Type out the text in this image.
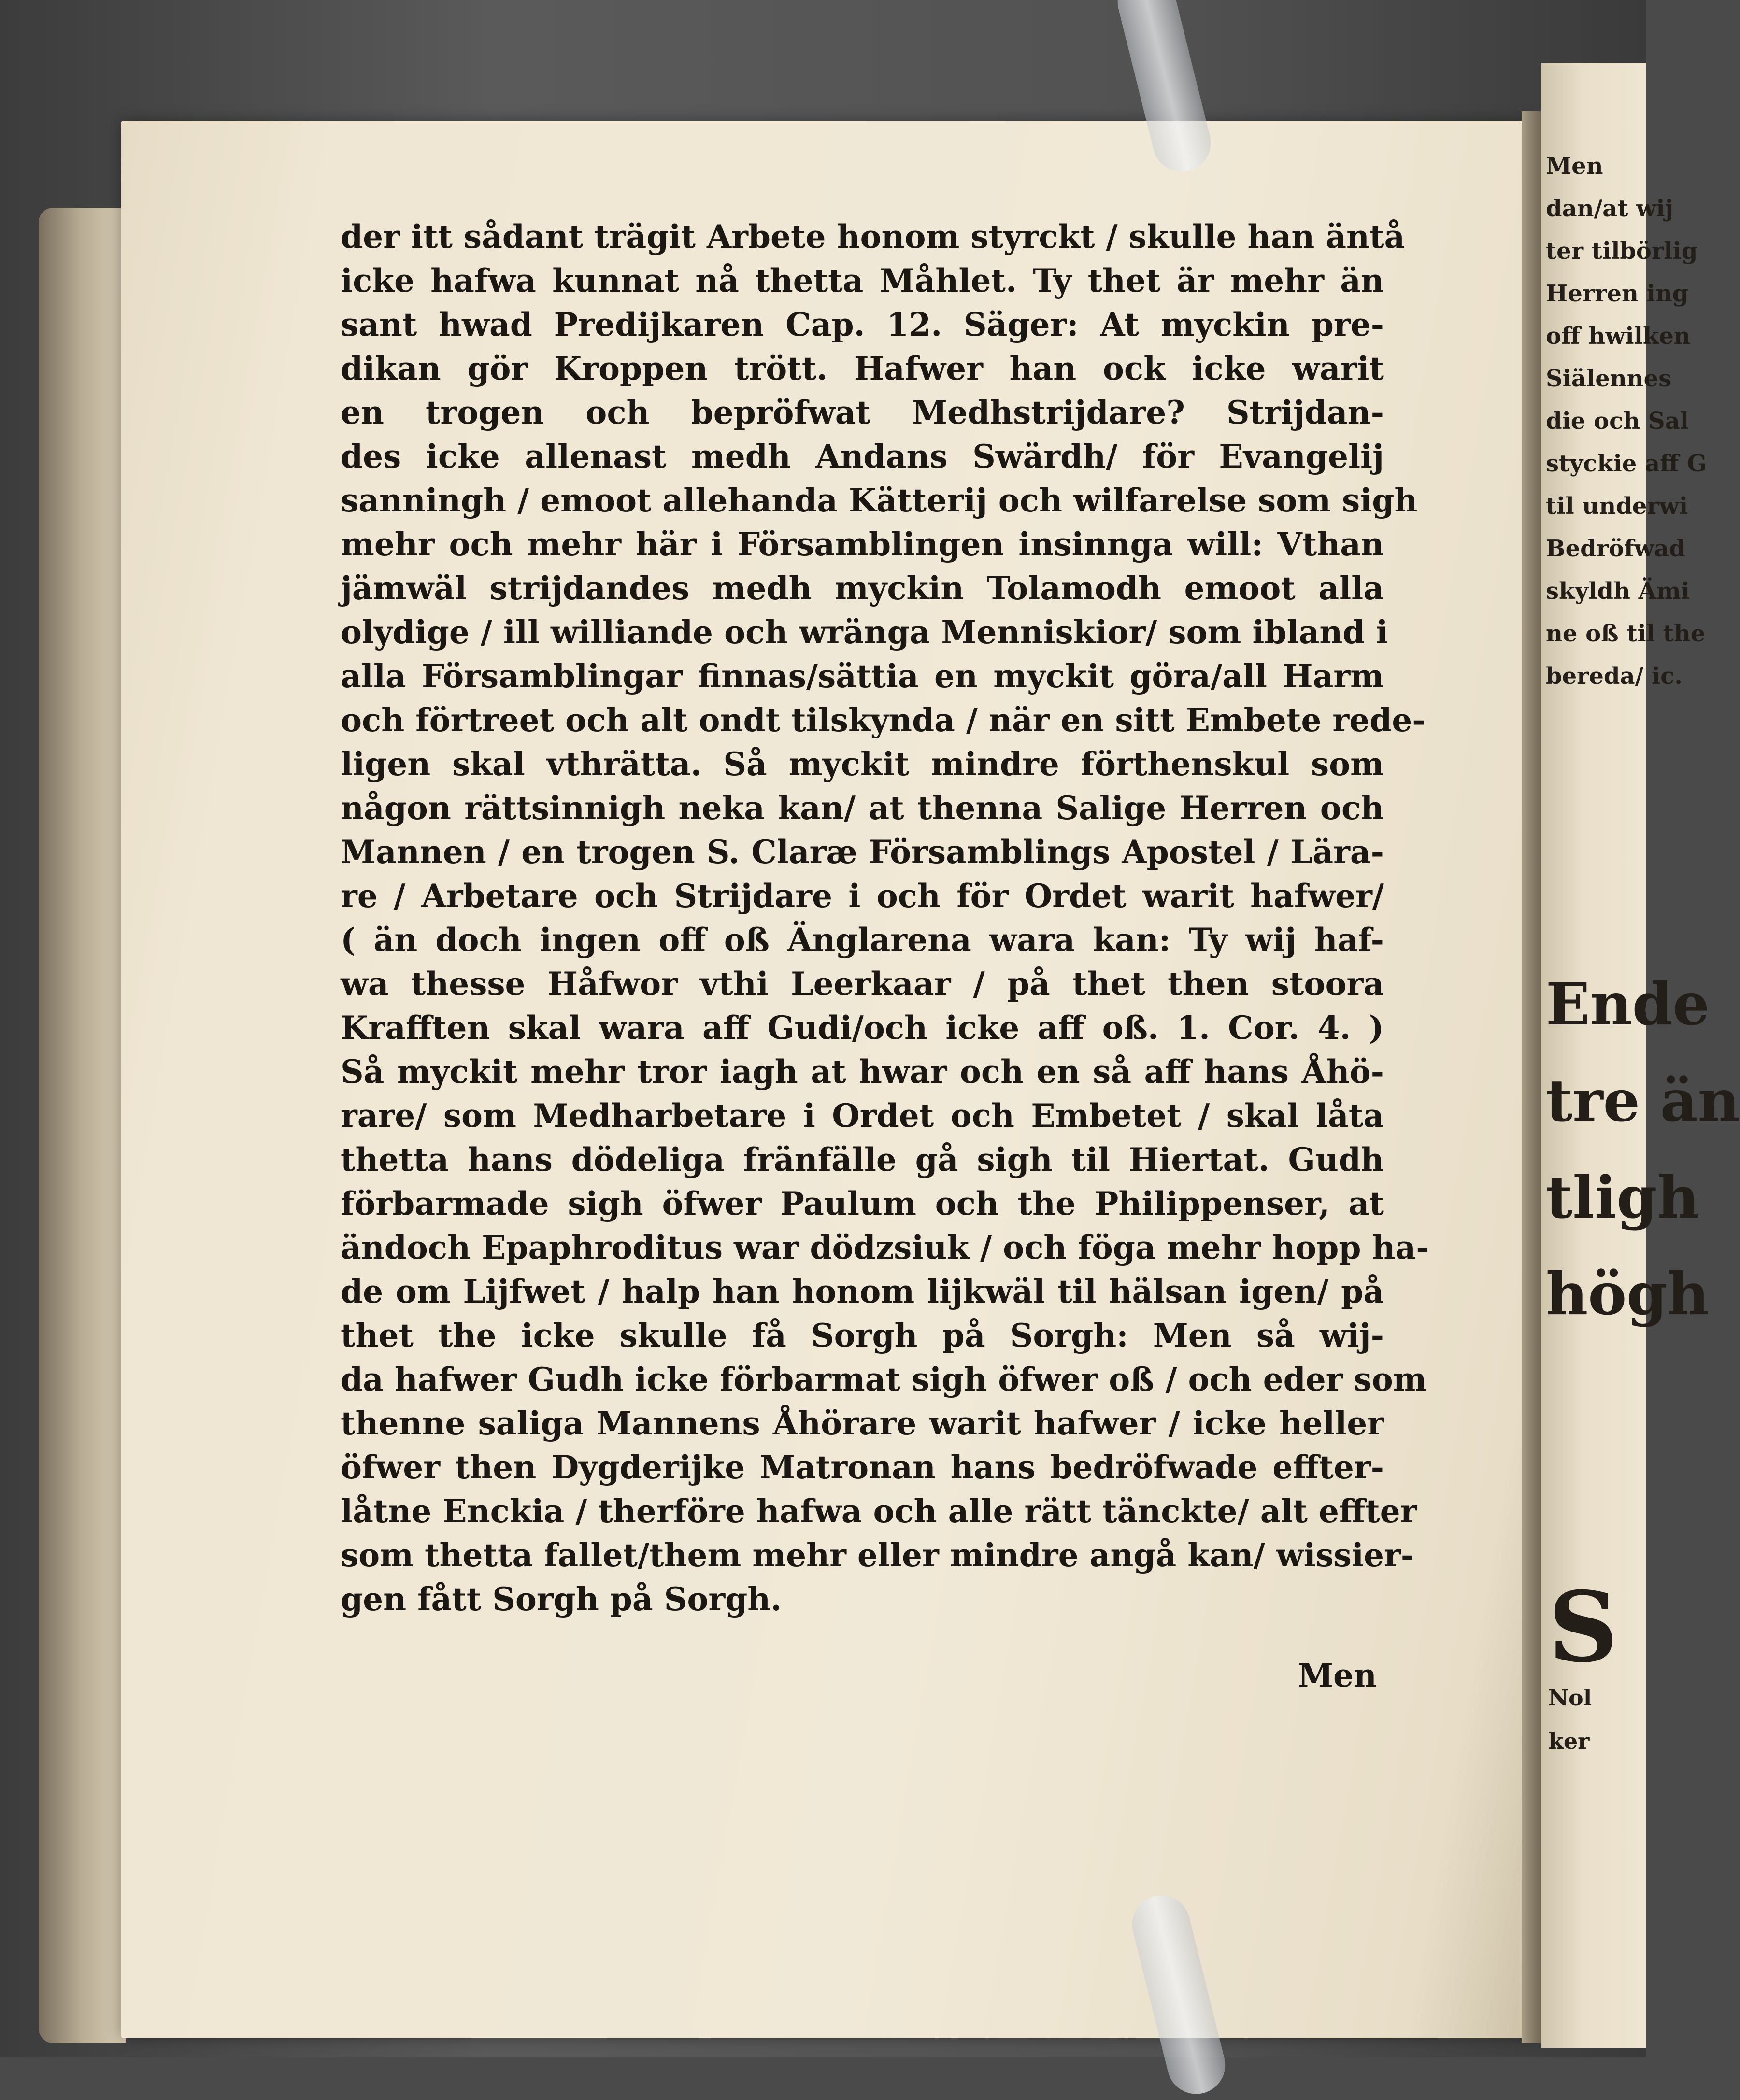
der itt sådant trägit Arbete honom styrckt / skulle han äntå
icke hafwa kunnat nå thetta Måhlet. Ty thet är mehr än
sant hwad Predijkaren Cap. 12. Säger: At myckin pre-
dikan gör Kroppen trött. Hafwer han ock icke warit
en trogen och bepröfwat Medhstrijdare? Strijdan-
des icke allenast medh Andans Swärdh/ för Evangelij
sanningh / emoot allehanda Kätterij och wilfarelse som sigh
mehr och mehr här i Församblingen insinnga will: Vthan
jämwäl strijdandes medh myckin Tolamodh emoot alla
olydige / ill williande och wränga Menniskior/ som ibland i
alla Församblingar finnas/sättia en myckit göra/all Harm
och förtreet och alt ondt tilskynda / när en sitt Embete rede-
ligen skal vthrätta. Så myckit mindre förthenskul som
någon rättsinnigh neka kan/ at thenna Salige Herren och
Mannen / en trogen S. Claræ Församblings Apostel / Lära-
re / Arbetare och Strijdare i och för Ordet warit hafwer/
( än doch ingen off oß Änglarena wara kan: Ty wij haf-
wa thesse Håfwor vthi Leerkaar / på thet then stoora
Krafften skal wara aff Gudi/och icke aff oß. 1. Cor. 4. )
Så myckit mehr tror iagh at hwar och en så aff hans Åhö-
rare/ som Medharbetare i Ordet och Embetet / skal låta
thetta hans dödeliga fränfälle gå sigh til Hiertat. Gudh
förbarmade sigh öfwer Paulum och the Philippenser, at
ändoch Epaphroditus war dödzsiuk / och föga mehr hopp ha-
de om Lijfwet / halp han honom lijkwäl til hälsan igen/ på
thet the icke skulle få Sorgh på Sorgh: Men så wij-
da hafwer Gudh icke förbarmat sigh öfwer oß / och eder som
thenne saliga Mannens Åhörare warit hafwer / icke heller
öfwer then Dygderijke Matronan hans bedröfwade effter-
låtne Enckia / therföre hafwa och alle rätt tänckte/ alt effter
som thetta fallet/them mehr eller mindre angå kan/ wissier-
gen fått Sorgh på Sorgh.
Men
Men
dan/at wij
ter tilbörlig
Herren ing
off hwilken
Siälennes
die och Sal
styckie aff G
til underwi
Bedröfwad
skyldh Ämi
ne oß til the
bereda/ ic.
Ende
tre än
tligh
högh
S
Nol
ker
